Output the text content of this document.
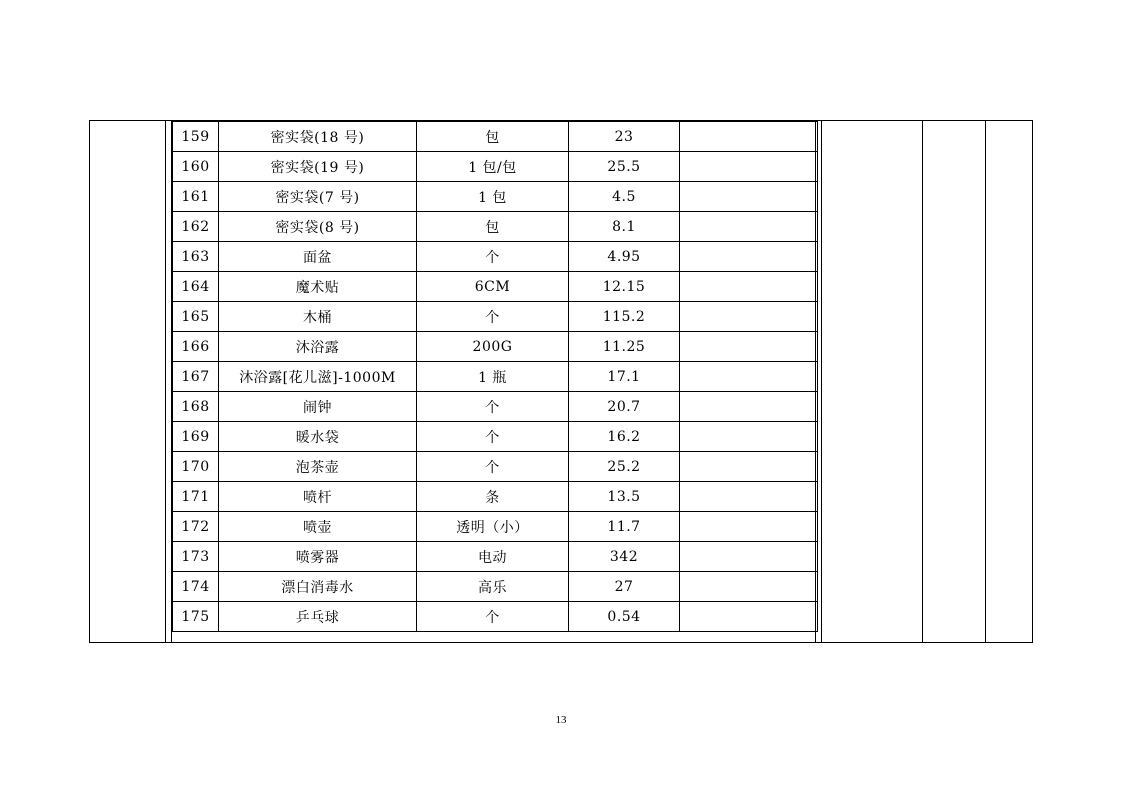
159	密实袋(18 号)	包	23	
160	密实袋(19 号)	1 包/包	25.5	
161	密实袋(7 号)	1 包	4.5	
162	密实袋(8 号)	包	8.1	
163	面盆	个	4.95	
164	魔术贴	6CM	12.15	
165	木桶	个	115.2	
166	沐浴露	200G	11.25	
167	沐浴露[花儿滋]-1000M	1 瓶	17.1	
168	闹钟	个	20.7	
169	暖水袋	个	16.2	
170	泡茶壶	个	25.2	
171	喷杆	条	13.5	
172	喷壶	透明（小）	11.7	
173	喷雾器	电动	342	
174	漂白消毒水	高乐	27	
175	乒乓球	个	0.54	
13
